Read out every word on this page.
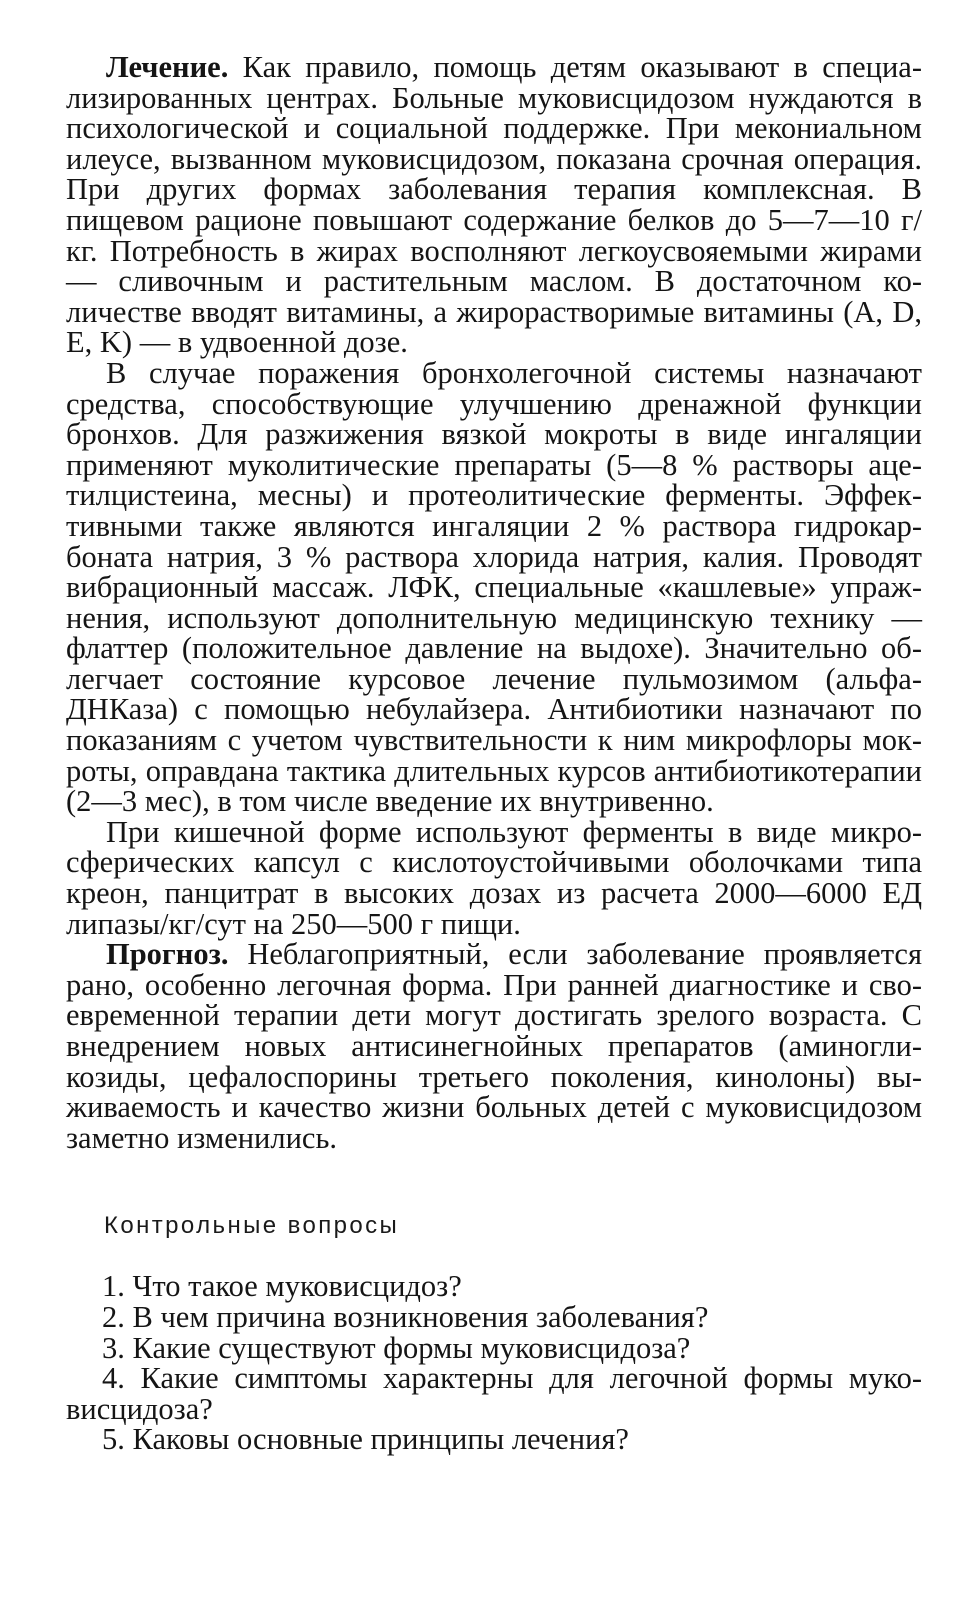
Лечение. Как правило, помощь детям оказывают в специализированных центрах. Больные муковисцидозом нуждаются в психологической и социальной поддержке. При мекониальном илеусе, вызванном муковисцидозом, показана срочная операция. При других формах заболевания терапия комплексная. В пищевом рационе повышают содержание белков до 5—7—10 г/кг. Потребность в жирах восполняют легкоусвояемыми жирами — сливочным и растительным маслом. В достаточном количестве вводят витамины, а жирорастворимые витамины (A, D, E, K) — в удвоенной дозе.

В случае поражения бронхолегочной системы назначают средства, способствующие улучшению дренажной функции бронхов. Для разжижения вязкой мокроты в виде ингаляции применяют муколитические препараты (5—8 % растворы ацетилцистеина, месны) и протеолитические ферменты. Эффективными также являются ингаляции 2 % раствора гидрокарбоната натрия, 3 % раствора хлорида натрия, калия. Проводят вибрационный массаж. ЛФК, специальные «кашлевые» упражнения, используют дополнительную медицинскую технику — флаттер (положительное давление на выдохе). Значительно облегчает состояние курсовое лечение пульмозимом (альфа-ДНКаза) с помощью небулайзера. Антибиотики назначают по показаниям с учетом чувствительности к ним микрофлоры мокроты, оправдана тактика длительных курсов антибиотикотерапии (2—3 мес), в том числе введение их внутривенно.

При кишечной форме используют ферменты в виде микросферических капсул с кислотоустойчивыми оболочками типа креон, панцитрат в высоких дозах из расчета 2000—6000 ЕД липазы/кг/сут на 250—500 г пищи.

Прогноз. Неблагоприятный, если заболевание проявляется рано, особенно легочная форма. При ранней диагностике и своевременной терапии дети могут достигать зрелого возраста. С внедрением новых антисинегнойных препаратов (аминогликозиды, цефалоспорины третьего поколения, кинолоны) выживаемость и качество жизни больных детей с муковисцидозом заметно изменились.

Контрольные вопросы
1. Что такое муковисцидоз?
2. В чем причина возникновения заболевания?
3. Какие существуют формы муковисцидоза?
4. Какие симптомы характерны для легочной формы муковисцидоза?
5. Каковы основные принципы лечения?
